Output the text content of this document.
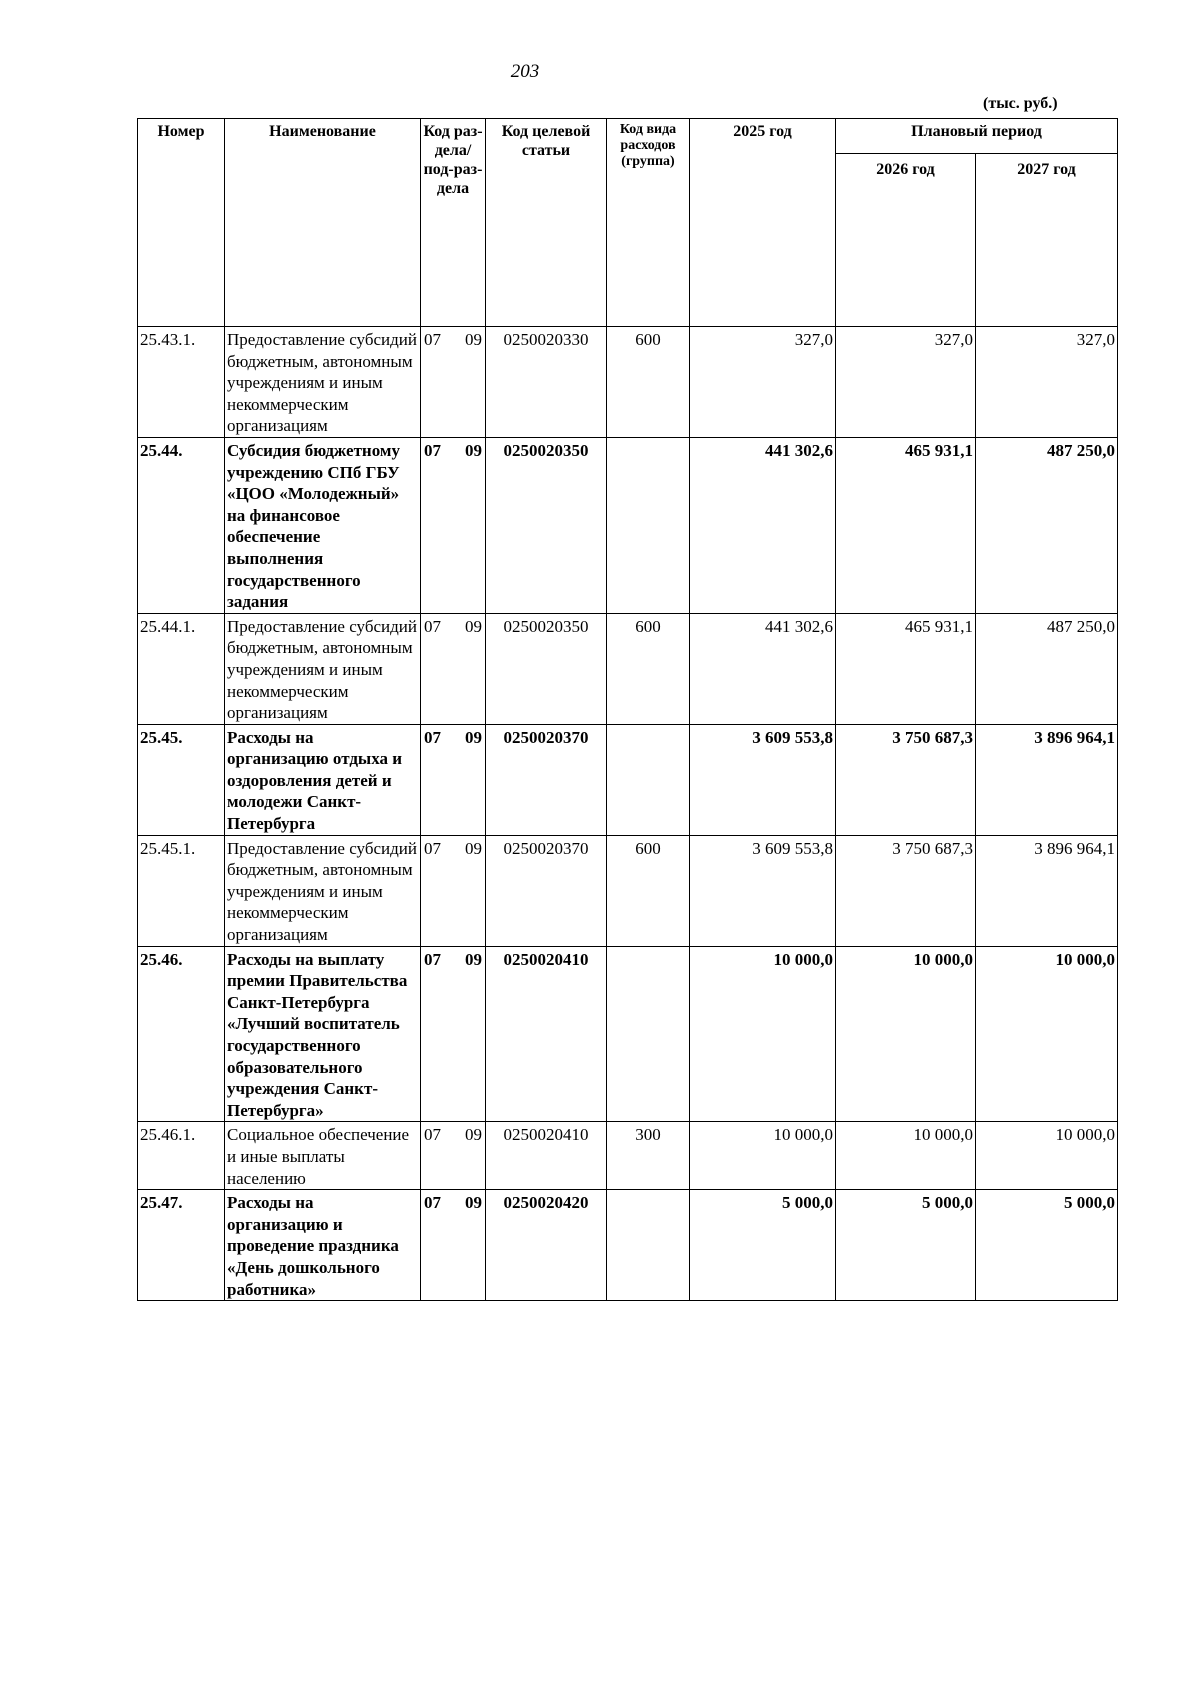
203
(тыс. руб.)
Номер	Наименование	Код раз-дела/ под-раз-дела	Код целевой статьи	Код вида расходов (группа)	2025 год	Плановый период	
						2026 год	2027 год
25.43.1.	Предоставление субсидий бюджетным, автономным учреждениям и иным некоммерческим организациям	07 09	0250020330	600	327,0	327,0	327,0
25.44.	Субсидия бюджетному учреждению СПб ГБУ «ЦОО «Молодежный» на финансовое обеспечение выполнения государственного задания	07 09	0250020350		441 302,6	465 931,1	487 250,0
25.44.1.	Предоставление субсидий бюджетным, автономным учреждениям и иным некоммерческим организациям	07 09	0250020350	600	441 302,6	465 931,1	487 250,0
25.45.	Расходы на организацию отдыха и оздоровления детей и молодежи Санкт-Петербурга	07 09	0250020370		3 609 553,8	3 750 687,3	3 896 964,1
25.45.1.	Предоставление субсидий бюджетным, автономным учреждениям и иным некоммерческим организациям	07 09	0250020370	600	3 609 553,8	3 750 687,3	3 896 964,1
25.46.	Расходы на выплату премии Правительства Санкт-Петербурга «Лучший воспитатель государственного образовательного учреждения Санкт-Петербурга»	07 09	0250020410		10 000,0	10 000,0	10 000,0
25.46.1.	Социальное обеспечение и иные выплаты населению	07 09	0250020410	300	10 000,0	10 000,0	10 000,0
25.47.	Расходы на организацию и проведение праздника «День дошкольного работника»	07 09	0250020420		5 000,0	5 000,0	5 000,0
